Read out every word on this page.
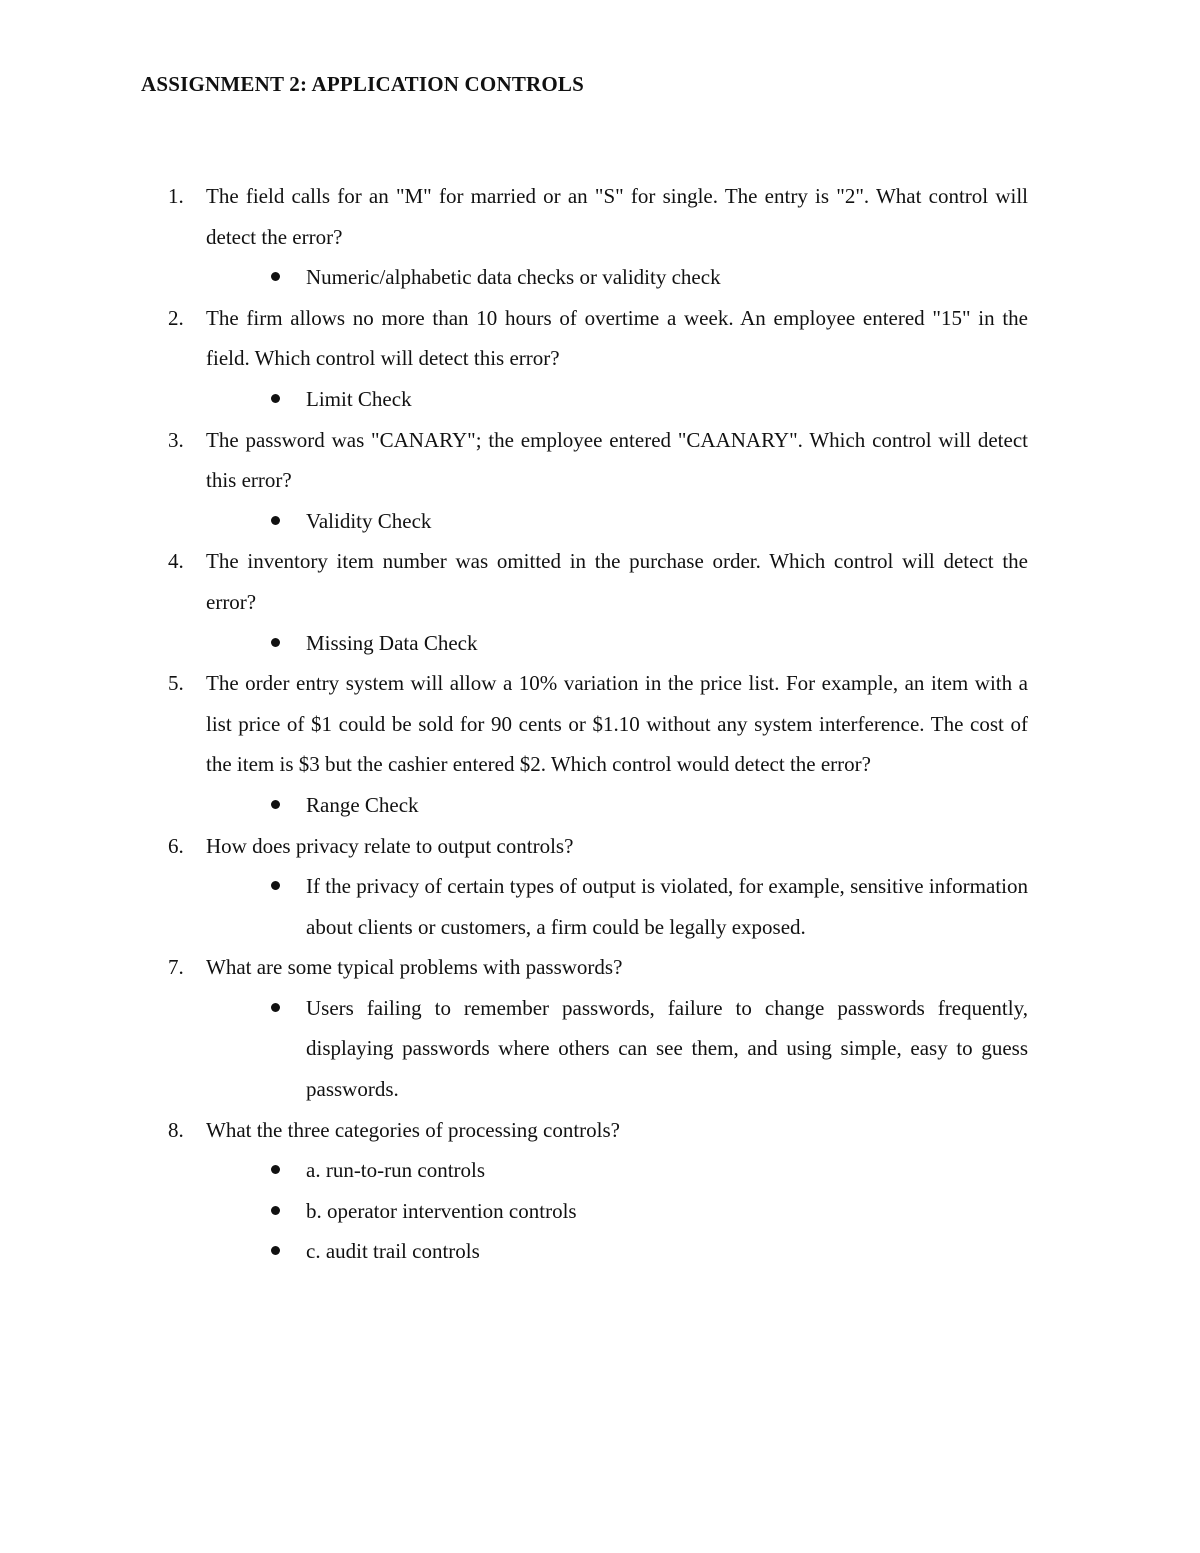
ASSIGNMENT 2: APPLICATION CONTROLS
1.	The field calls for an "M" for married or an "S" for single. The entry is "2". What control will detect the error?

Numeric/alphabetic data checks or validity check

2.	The firm allows no more than 10 hours of overtime a week. An employee entered "15" in the field. Which control will detect this error?

Limit Check

3.	The password was "CANARY"; the employee entered "CAANARY". Which control will detect this error?

Validity Check

4.	The inventory item number was omitted in the purchase order. Which control will detect the error?

Missing Data Check

5.	The order entry system will allow a 10% variation in the price list. For example, an item with a list price of $1 could be sold for 90 cents or $1.10 without any system interference. The cost of the item is $3 but the cashier entered $2. Which control would detect the error?

Range Check

6.	How does privacy relate to output controls?

If the privacy of certain types of output is violated, for example, sensitive information about clients or customers, a firm could be legally exposed.

7.	What are some typical problems with passwords?

Users failing to remember passwords, failure to change passwords frequently, displaying passwords where others can see them, and using simple, easy to guess passwords.

8.	What the three categories of processing controls?

a. run-to-run controls

b. operator intervention controls

c. audit trail controls
